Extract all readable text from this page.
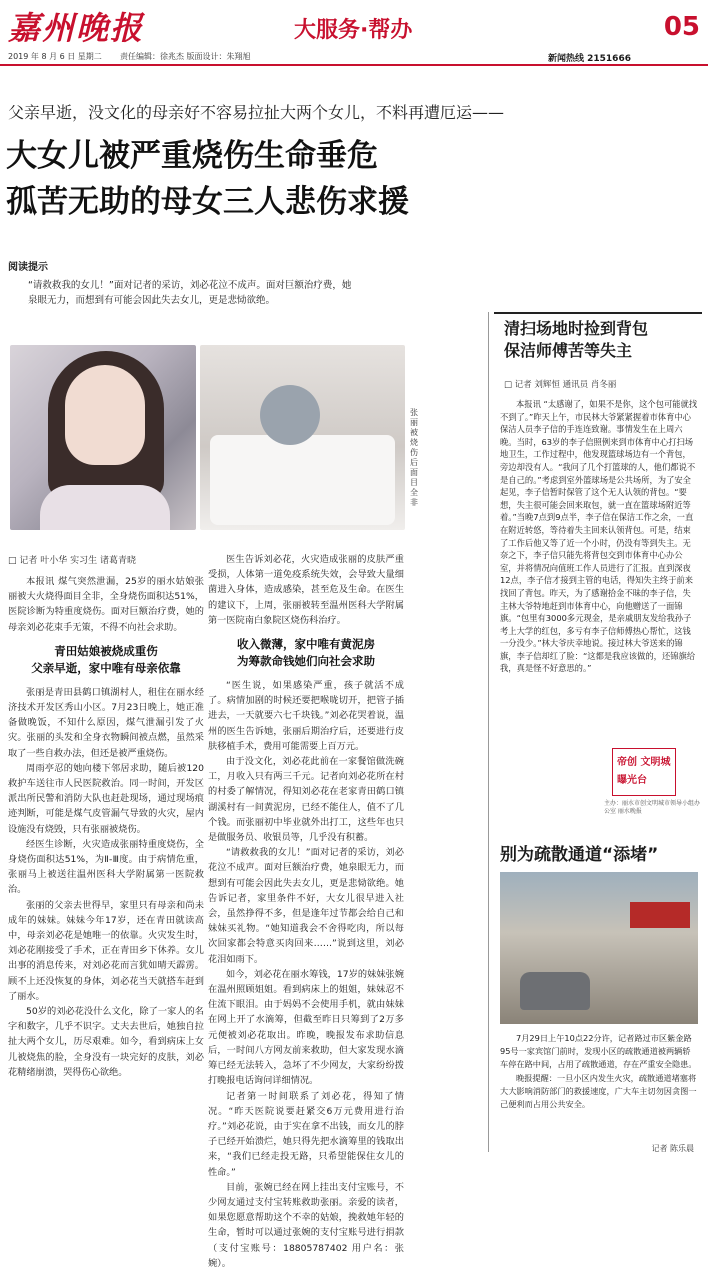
嘉州晚报	大服务·帮办	05
2019 年 8 月 6 日 星期二 责任编辑：徐兆杰 版面设计：朱翔旭	新闻热线 2151666
父亲早逝，没文化的母亲好不容易拉扯大两个女儿，不料再遭厄运——
大女儿被严重烧伤生命垂危
孤苦无助的母女三人悲伤求援
阅读提示
“请救救我的女儿！”面对记者的采访，刘必花泣不成声。面对巨额治疗费，她泉眼无力，而想到有可能会因此失去女儿，更是悲恸欲绝。
张丽被烧伤后面目全非
□ 记者 叶小华 实习生 诸葛青晓

本报讯 煤气突然泄漏，25岁的丽水姑娘张丽被大火烧得面目全非，全身烧伤面积达51%，医院诊断为特重度烧伤。面对巨额治疗费，她的母亲刘必花束手无策，不得不向社会求助。

青田姑娘被烧成重伤
父亲早逝，家中唯有母亲依靠

张丽是青田县鹤口镇湖村人，租住在丽水经济技术开发区秀山小区。7月23日晚上，她正准备做晚饭，不知什么原因，煤气泄漏引发了火灾。张丽的头发和全身衣物瞬间被点燃，虽然采取了一些自救办法，但还是被严重烧伤。

周雨亭忍的她向楼下邻居求助，随后被120救护车送往市人民医院救治。同一时间，开发区派出所民警和消防大队也赶赴现场，通过现场痕迹判断，可能是煤气皮管漏气导致的火灾，屋内设施没有烧毁，只有张丽被烧伤。

经医生诊断，火灾造成张丽特重度烧伤，全身烧伤面积达51%，为Ⅱ-Ⅲ度。由于病情危重，张丽马上被送往温州医科大学附属第一医院救治。

张丽的父亲去世得早，家里只有母亲和尚未成年的妹妹。妹妹今年17岁，还在青田就读高中，母亲刘必花是她唯一的依靠。火灾发生时，刘必花刚接受了手术，正在青田乡下休养。女儿出事的消息传来，对刘必花而言犹如晴天霹雳。顾不上还没恢复的身体，刘必花当天就搭车赶到了丽水。

50岁的刘必花没什么文化，除了一家人的名字和数字，几乎不识字。丈夫去世后，她独自拉扯大两个女儿，历尽艰难。如今，看到病床上女儿被烧焦的脸，全身没有一块完好的皮肤，刘必花精绪崩溃，哭得伤心欲绝。

医生告诉刘必花，火灾造成张丽的皮肤严重受损，人体第一道免疫系统失效，会导致大量细菌进入身体，造成感染，甚至危及生命。在医生的建议下，上周，张丽被转至温州医科大学附属第一医院南白象院区烧伤科治疗。

收入微薄，家中唯有黄泥房
为筹款命钱她们向社会求助

“医生说，如果感染严重，孩子就活不成了。病情加剧的时候还要把喉咙切开，把管子插进去，一天就要六七千块钱。”刘必花哭着说，温州的医生告诉她，张丽后期治疗后，还要进行皮肤移植手术，费用可能需要上百万元。

由于没文化，刘必花此前在一家餐馆做洗碗工，月收入只有两三千元。记者向刘必花所在村的村委了解情况，得知刘必花在老家青田鹤口镇湖溪村有一间黄泥房，已经不能住人，值不了几个钱。而张丽初中毕业就外出打工，这些年也只是做服务员、收银员等，几乎没有积蓄。

“请救救我的女儿！”面对记者的采访，刘必花泣不成声。面对巨额治疗费，她泉眼无力，而想到有可能会因此失去女儿，更是悲恸欲绝。她告诉记者，家里条件不好，大女儿很早进入社会，虽然挣得不多，但是逢年过节都会给自己和妹妹买礼物。“她知道我会不舍得吃肉，所以每次回家都会特意买肉回来……”说到这里，刘必花泪如雨下。

如今，刘必花在丽水筹钱，17岁的妹妹张婉在温州照顾姐姐。看到病床上的姐姐，妹妹忍不住流下眼泪。由于妈妈不会使用手机，就由妹妹在网上开了水滴筹，但截至昨日只筹到了2万多元便被刘必花取出。昨晚，晚报发布求助信息后，一时间八方网友前来救助，但大家发现水滴筹已经无法转入，急坏了不少网友，大家纷纷拨打晚报电话询问详细情况。

记者第一时间联系了刘必花，得知了情况。“昨天医院说要赶紧交6万元费用进行治疗。”刘必花说，由于实在拿不出钱，而女儿的脖子已经开始溃烂，她只得先把水滴筹里的钱取出来，“我们已经走投无路，只希望能保住女儿的性命。”

目前，张婉已经在网上挂出支付宝账号，不少网友通过支付宝转账救助张丽。亲爱的读者，如果您愿意帮助这个不幸的姑娘，挽救她年轻的生命，暂时可以通过张婉的支付宝账号进行捐款（支付宝账号：18805787402 用户名：张婉）。

清扫场地时捡到背包
保洁师傅苦等失主
□ 记者 刘辉恒 通讯员 肖冬丽
本报讯 “太感谢了，如果不是你，这个包可能就找不到了。”昨天上午，市民林大爷紧紧握着市体育中心保洁人员李子信的手连连致谢。事情发生在上周六晚。当时，63岁的李子信照例来到市体育中心打扫场地卫生，工作过程中，他发现篮球场边有一个背包，旁边却没有人。“我问了几个打篮球的人，他们都说不是自己的。”考虑到室外篮球场是公共场所，为了安全起见，李子信暂时保管了这个无人认领的背包。“要想，失主很可能会回来取包，就一直在篮球场附近等着。”当晚7点到9点半，李子信在保洁工作之余，一直在附近转悠，等待着失主回来认领背包。可是，结束了工作后他又等了近一个小时，仍没有等到失主。无奈之下，李子信只能先将背包交到市体育中心办公室，并将情况向值班工作人员进行了汇报。直到深夜12点，李子信才接到主管的电话，得知失主终于前来找回了背包。昨天，为了感谢拾金不昧的李子信，失主林大爷特地赶到市体育中心，向他赠送了一面锦旗。“包里有3000多元现金，是亲戚朋友发给我孙子考上大学的红包，多亏有李子信师傅热心帮忙，这钱一分没少。”林大爷庆幸地说。接过林大爷送来的锦旗，李子信却红了脸：“这都是我应该做的，还锦旗给我，真是怪不好意思的。”
帝创 文明城
曝光台
主办：丽水市创文明城市领导小组办公室 丽水晚报
别为疏散通道“添堵”

7月29日上午10点22分许，记者路过市区紫金路95号一家宾馆门前时，发现小区的疏散通道被两辆轿车停在路中间，占用了疏散通道，存在严重安全隐患。

晚报提醒：一旦小区内发生火灾，疏散通道堵塞将大大影响消防部门的救援速度，广大车主切勿因贪图一己便利而占用公共安全。

记者 陈乐晨
